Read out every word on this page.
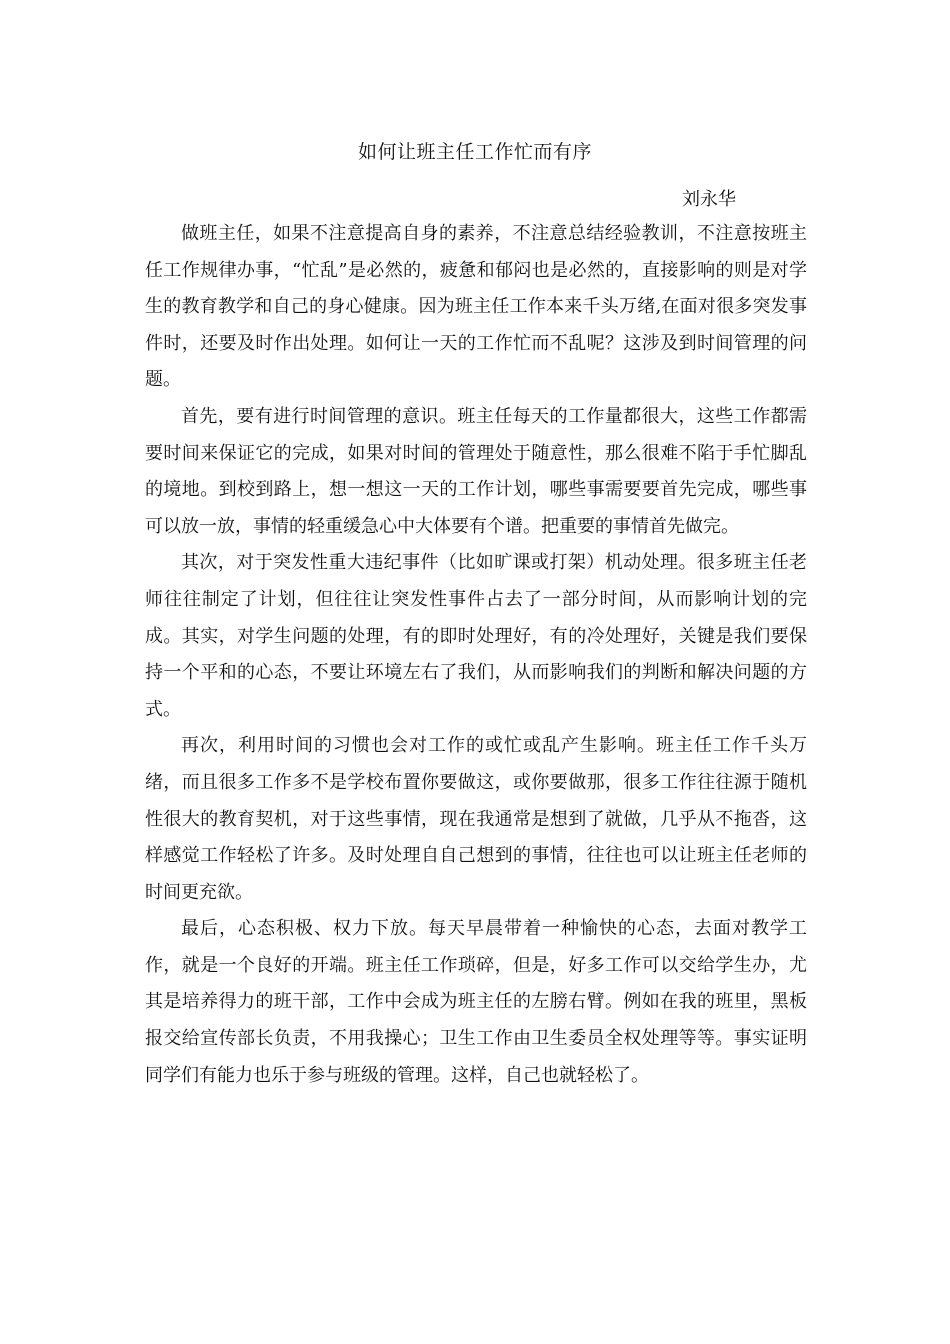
如何让班主任工作忙而有序
刘永华

做班主任，如果不注意提高自身的素养，不注意总结经验教训，不注意按班主任工作规律办事，“忙乱”是必然的，疲惫和郁闷也是必然的，直接影响的则是对学生的教育教学和自己的身心健康。因为班主任工作本来千头万绪,在面对很多突发事件时，还要及时作出处理。如何让一天的工作忙而不乱呢？这涉及到时间管理的问题。

首先，要有进行时间管理的意识。班主任每天的工作量都很大，这些工作都需要时间来保证它的完成，如果对时间的管理处于随意性，那么很难不陷于手忙脚乱的境地。到校到路上，想一想这一天的工作计划，哪些事需要要首先完成，哪些事可以放一放，事情的轻重缓急心中大体要有个谱。把重要的事情首先做完。

其次，对于突发性重大违纪事件（比如旷课或打架）机动处理。很多班主任老师往往制定了计划，但往往让突发性事件占去了一部分时间，从而影响计划的完成。其实，对学生问题的处理，有的即时处理好，有的冷处理好，关键是我们要保持一个平和的心态，不要让环境左右了我们，从而影响我们的判断和解决问题的方式。

再次，利用时间的习惯也会对工作的或忙或乱产生影响。班主任工作千头万绪，而且很多工作多不是学校布置你要做这，或你要做那，很多工作往往源于随机性很大的教育契机，对于这些事情，现在我通常是想到了就做，几乎从不拖沓，这样感觉工作轻松了许多。及时处理自自己想到的事情，往往也可以让班主任老师的时间更充欲。

最后，心态积极、权力下放。每天早晨带着一种愉快的心态，去面对教学工作，就是一个良好的开端。班主任工作琐碎，但是，好多工作可以交给学生办，尤其是培养得力的班干部，工作中会成为班主任的左膀右臂。例如在我的班里，黑板报交给宣传部长负责，不用我操心；卫生工作由卫生委员全权处理等等。事实证明同学们有能力也乐于参与班级的管理。这样，自己也就轻松了。
